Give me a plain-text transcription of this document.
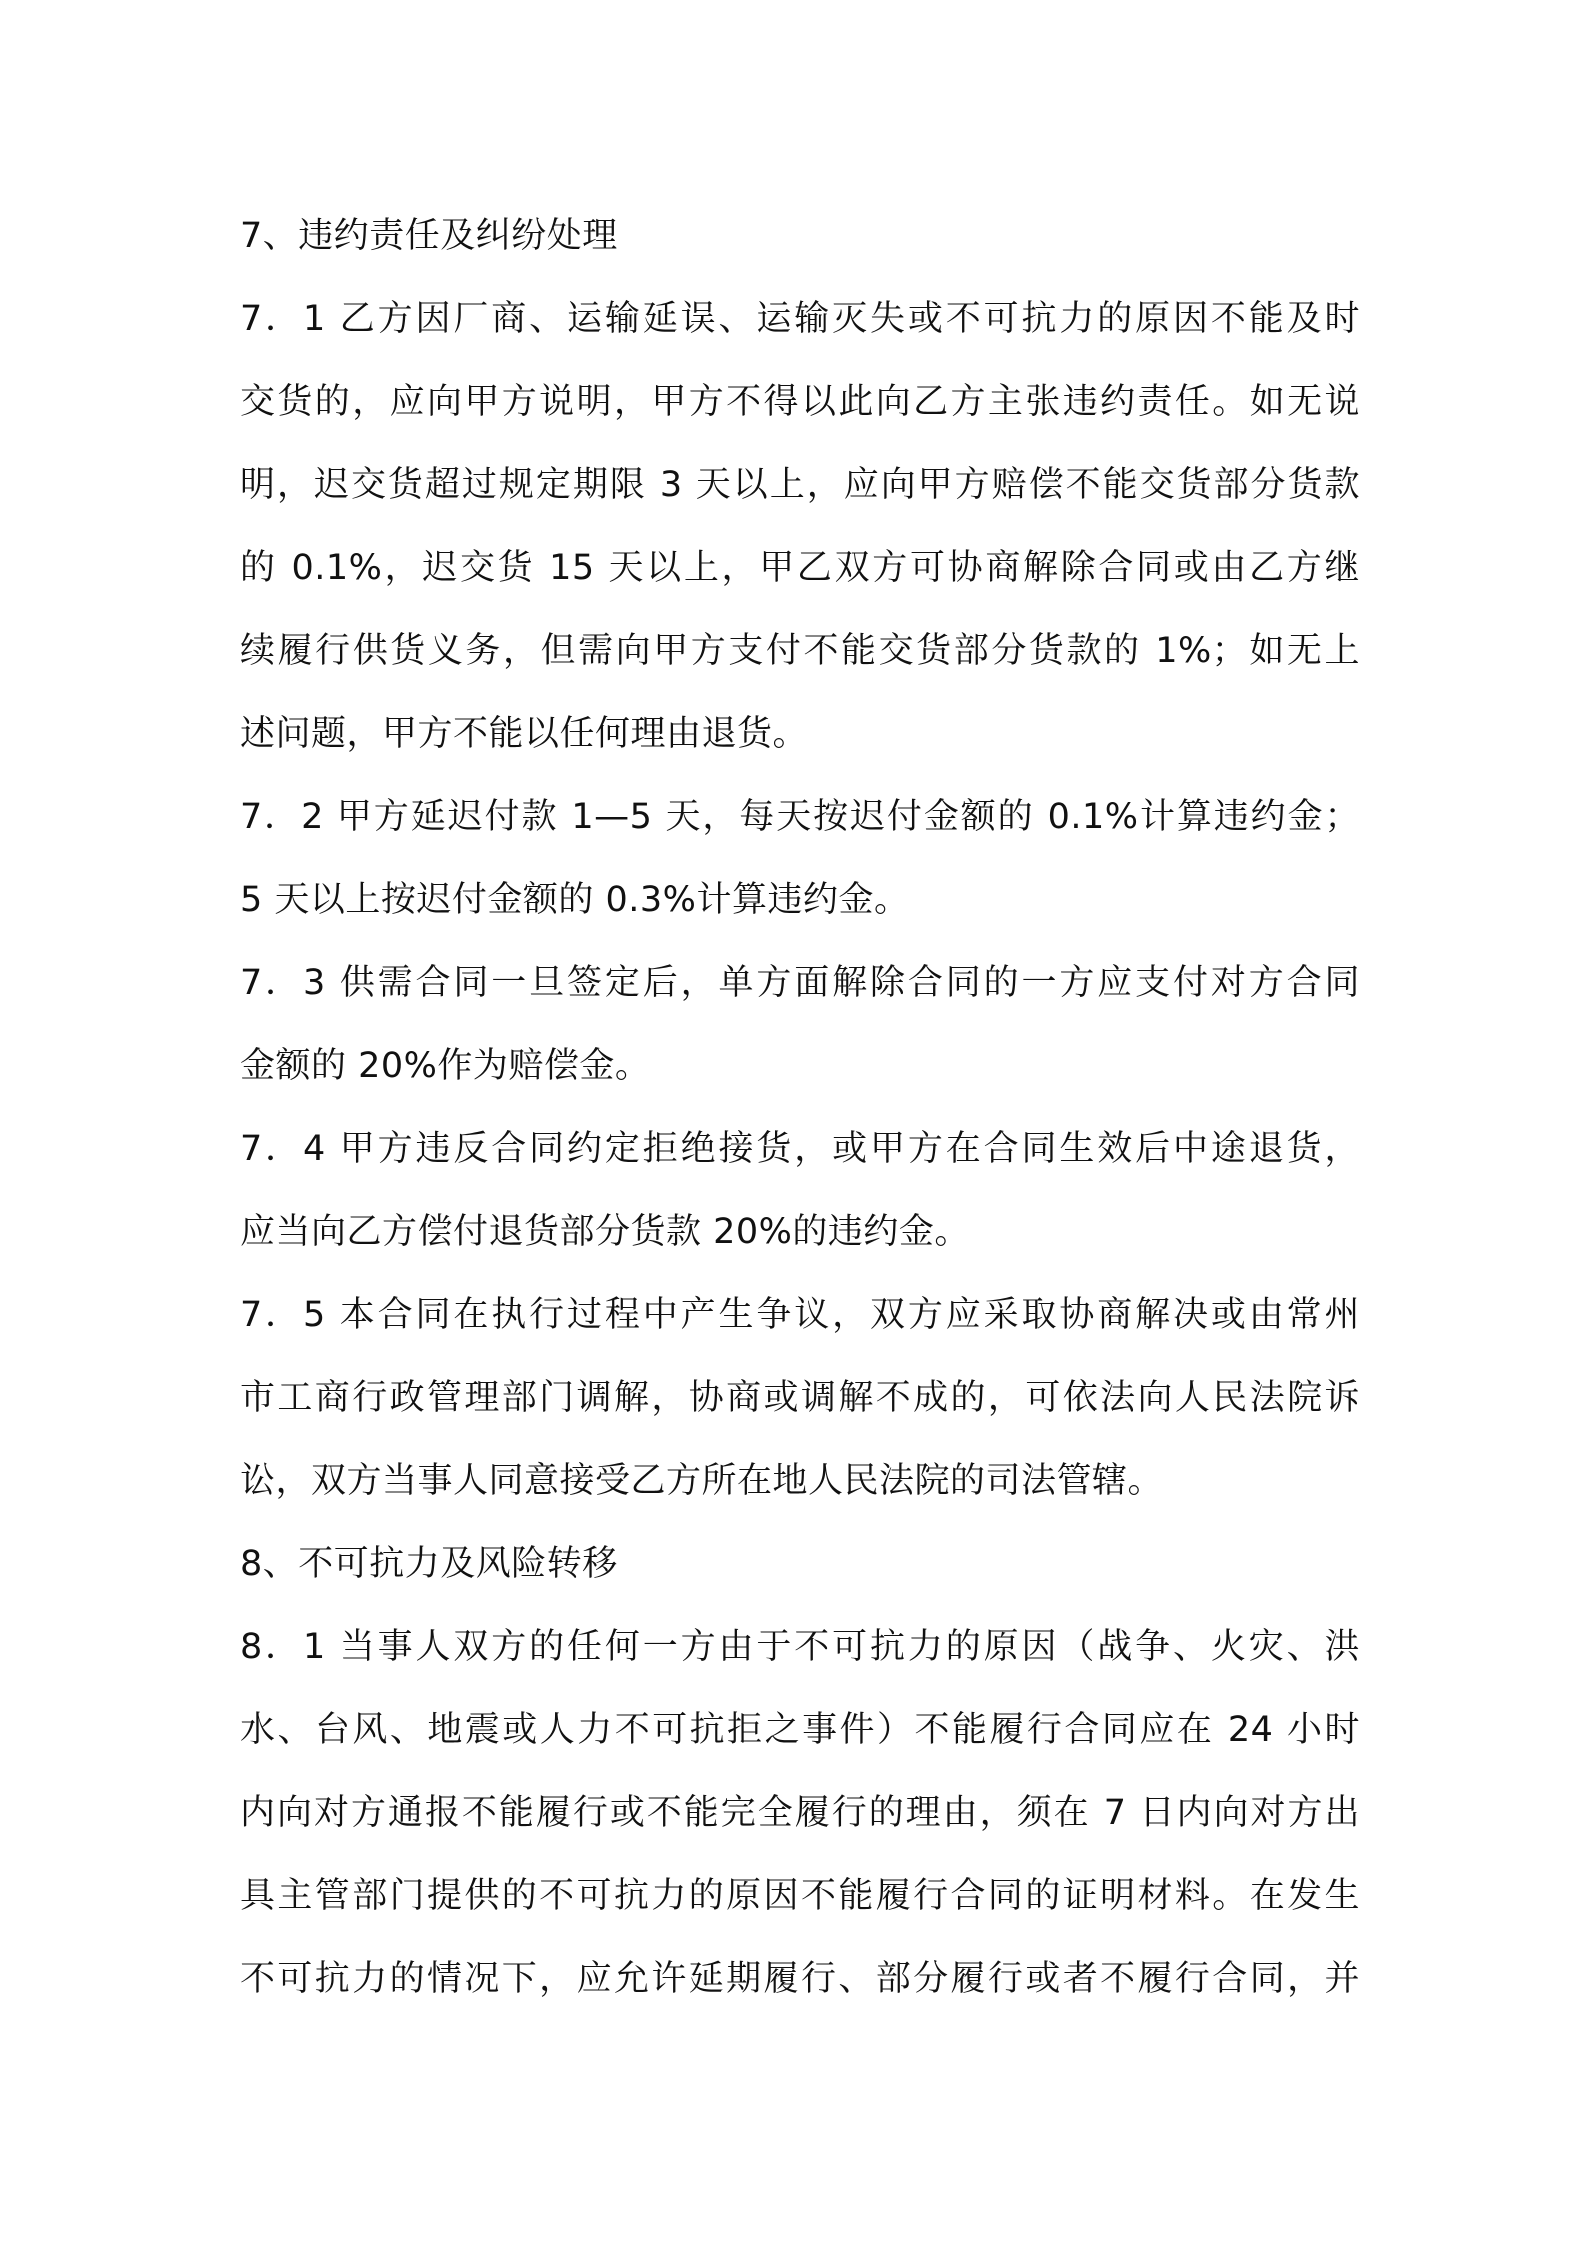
7、违约责任及纠纷处理
7．1 乙方因厂商、运输延误、运输灭失或不可抗力的原因不能及时
交货的，应向甲方说明，甲方不得以此向乙方主张违约责任。如无说
明，迟交货超过规定期限 3 天以上，应向甲方赔偿不能交货部分货款
的 0.1%，迟交货 15 天以上，甲乙双方可协商解除合同或由乙方继
续履行供货义务，但需向甲方支付不能交货部分货款的 1%；如无上
述问题，甲方不能以任何理由退货。
7．2 甲方延迟付款 1—5 天，每天按迟付金额的 0.1%计算违约金；
5 天以上按迟付金额的 0.3%计算违约金。
7．3 供需合同一旦签定后，单方面解除合同的一方应支付对方合同
金额的 20%作为赔偿金。
7．4 甲方违反合同约定拒绝接货，或甲方在合同生效后中途退货，
应当向乙方偿付退货部分货款 20%的违约金。
7．5 本合同在执行过程中产生争议，双方应采取协商解决或由常州
市工商行政管理部门调解，协商或调解不成的，可依法向人民法院诉
讼，双方当事人同意接受乙方所在地人民法院的司法管辖。
8、不可抗力及风险转移
8．1 当事人双方的任何一方由于不可抗力的原因（战争、火灾、洪
水、台风、地震或人力不可抗拒之事件）不能履行合同应在 24 小时
内向对方通报不能履行或不能完全履行的理由，须在 7 日内向对方出
具主管部门提供的不可抗力的原因不能履行合同的证明材料。在发生
不可抗力的情况下，应允许延期履行、部分履行或者不履行合同，并
